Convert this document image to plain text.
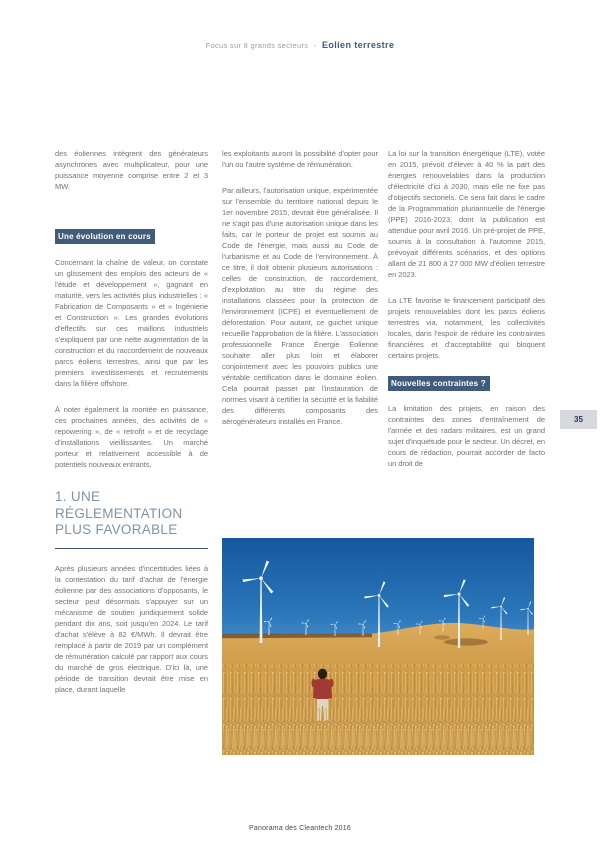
Focus sur 8 grands secteurs - Eolien terrestre
35

des éoliennes intègrent des générateurs asynchrones avec multiplicateur, pour une puissance moyenne comprise entre 2 et 3 MW.

Une évolution en cours

Concernant la chaîne de valeur, on constate un glissement des emplois des acteurs de « l'étude et développement », gagnant en maturité, vers les activités plus industrielles : « Fabrication de Composants » et « Ingénierie et Construction ». Les grandes évolutions d'effectifs sur ces maillons industriels s'expliquent par une nette augmentation de la construction et du raccordement de nouveaux parcs éoliens terrestres, ainsi que par les premiers investissements et recrutements dans la filière offshore.

À noter également la montée en puissance, ces prochaines années, des activités de « repowering », de « retrofit » et de recyclage d'installations vieillissantes. Un marché porteur et relativement accessible à de potentiels nouveaux entrants.

1. UNE
RÉGLEMENTATION
PLUS FAVORABLE

Après plusieurs années d'incertitudes liées à la contestation du tarif d'achat de l'énergie éolienne par des associations d'opposants, le secteur peut désormais s'appuyer sur un mécanisme de soutien juridiquement solide pendant dix ans, soit jusqu'en 2024. Le tarif d'achat s'élève à 82 €/MWh. Il devrait être remplacé à partir de 2019 par un complément de rémunération calculé par rapport aux cours du marché de gros électrique. D'ici là, une période de transition devrait être mise en place, durant laquelle

les exploitants auront la possibilité d'opter pour l'un ou l'autre système de rémunération.

Par ailleurs, l'autorisation unique, expérimentée sur l'ensemble du territoire national depuis le 1er novembre 2015, devrait être généralisée. Il ne s'agit pas d'une autorisation unique dans les faits, car le porteur de projet est soumis au Code de l'énergie, mais aussi au Code de l'urbanisme et au Code de l'environnement. À ce titre, il doit obtenir plusieurs autorisations : celles de construction, de raccordement, d'exploitation au titre du régime des installations classées pour la protection de l'environnement (ICPE) et éventuellement de déforestation. Pour autant, ce guichet unique recueille l'approbation de la filière. L'association professionnelle France Énergie Éolienne souhaite aller plus loin et élaborer conjointement avec les pouvoirs publics une véritable certification dans le domaine éolien. Cela pourrait passer par l'instauration de normes visant à certifier la sécurité et la fiabilité des différents composants des aérogénérateurs installés en France.

La loi sur la transition énergétique (LTE), votée en 2015, prévoit d'élever à 40 % la part des énergies renouvelables dans la production d'électricité d'ici à 2030, mais elle ne fixe pas d'objectifs sectoriels. Ce sera fait dans le cadre de la Programmation pluriannuelle de l'énergie (PPE) 2016-2023, dont la publication est attendue pour avril 2016. Un pré-projet de PPE, soumis à la consultation à l'automne 2015, prévoyait différents scénarios, et des options allant de 21 800 à 27 000 MW d'éolien terrestre en 2023.

La LTE favorise le financement participatif des projets renouvelables dont les parcs éoliens terrestres via, notamment, les collectivités locales, dans l'espoir de réduire les contraintes financières et d'acceptabilité qui bloquent certains projets.

Nouvelles contraintes ?

La limitation des projets, en raison des contraintes des zones d'entraînement de l'armée et des radars militaires, est un grand sujet d'inquiétude pour le secteur. Un décret, en cours de rédaction, pourrait accorder de facto un droit de

Panorama des Cleantech 2016
